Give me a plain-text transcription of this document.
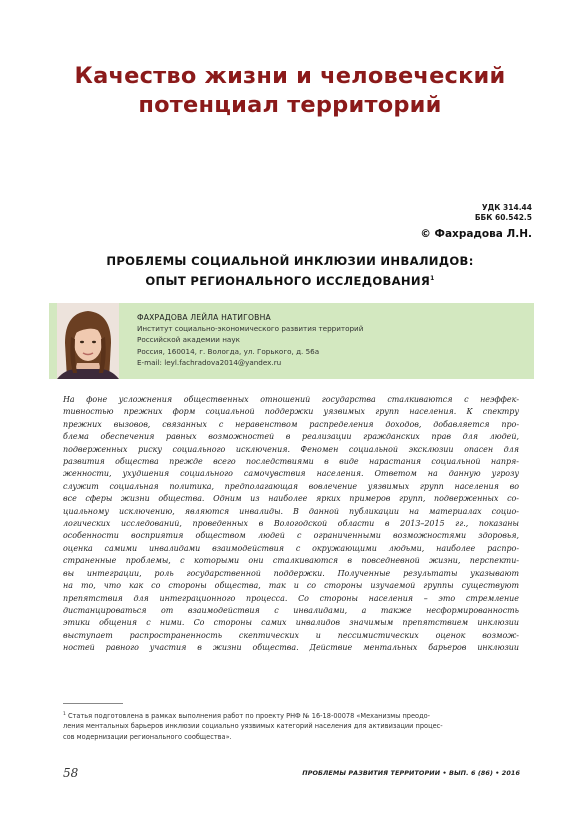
Качество жизни и человеческий
потенциал территорий
УДК 314.44
ББК 60.542.5
© Фахрадова Л.Н.
ПРОБЛЕМЫ СОЦИАЛЬНОЙ ИНКЛЮЗИИ ИНВАЛИДОВ:
ОПЫТ РЕГИОНАЛЬНОГО ИССЛЕДОВАНИЯ$^1$
ФАХРАДОВА ЛЕЙЛА НАТИГОВНА
Институт социально-экономического развития территорий
Российской академии наук
Россия, 160014, г. Вологда, ул. Горького, д. 56а
E-mail: leyl.fachradova2014@yandex.ru
На фоне усложнения общественных отношений государства сталкиваются с неэффек-
тивностью прежних форм социальной поддержки уязвимых групп населения. К спектру
прежних вызовов, связанных с неравенством распределения доходов, добавляется про-
блема обеспечения равных возможностей в реализации гражданских прав для людей,
подверженных риску социального исключения. Феномен социальной эксклюзии опасен для
развития общества прежде всего последствиями в виде нарастания социальной напря-
женности, ухудшения социального самочувствия населения. Ответом на данную угрозу
служит социальная политика, предполагающая вовлечение уязвимых групп населения во
все сферы жизни общества. Одним из наиболее ярких примеров групп, подверженных со-
циальному исключению, являются инвалиды. В данной публикации на материалах социо-
логических исследований, проведенных в Вологодской области в 2013–2015 гг., показаны
особенности восприятия обществом людей с ограниченными возможностями здоровья,
оценка самими инвалидами взаимодействия с окружающими людьми, наиболее распро-
страненные проблемы, с которыми они сталкиваются в повседневной жизни, перспекти-
вы интеграции, роль государственной поддержки. Полученные результаты указывают
на то, что как со стороны общества, так и со стороны изучаемой группы существуют
препятствия для интеграционного процесса. Со стороны населения – это стремление
дистанцироваться от взаимодействия с инвалидами, а также несформированность
этики общения с ними. Со стороны самих инвалидов значимым препятствием инклюзии
выступает распространенность скептических и пессимистических оценок возмож-
ностей равного участия в жизни общества. Действие ментальных барьеров инклюзии
$^1$ Статья подготовлена в рамках выполнения работ по проекту РНФ № 16-18-00078 «Механизмы преодо-
ления ментальных барьеров инклюзии социально уязвимых категорий населения для активизации процес-
сов модернизации регионального сообщества».
58	ПРОБЛЕМЫ РАЗВИТИЯ ТЕРРИТОРИИ • ВЫП. 6 (86) • 2016
